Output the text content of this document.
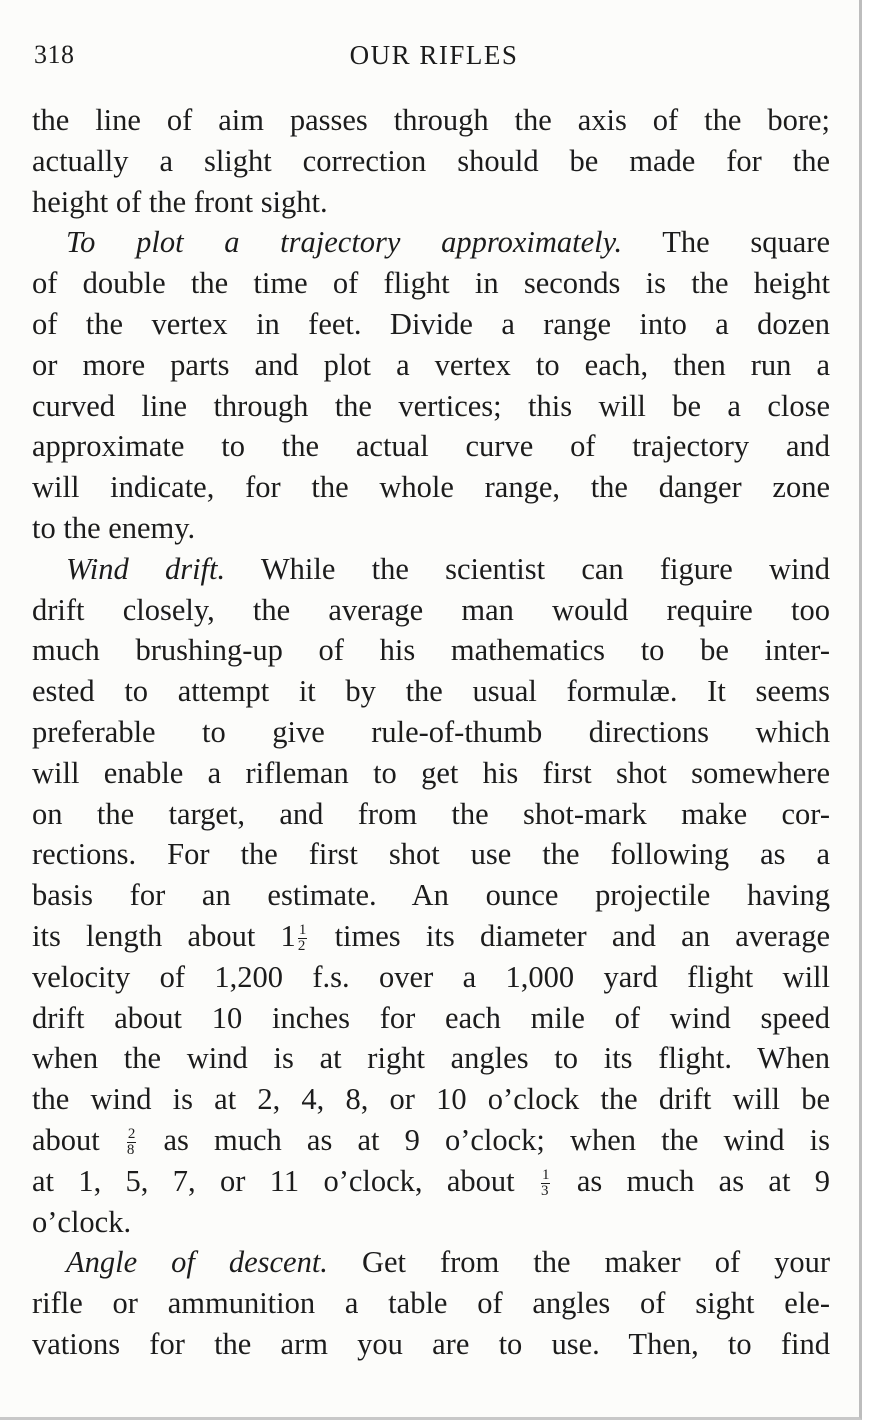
318	OUR RIFLES
the line of aim passes through the axis of the bore;
actually a slight correction should be made for the
height of the front sight.
To plot a trajectory approximately. The square
of double the time of flight in seconds is the height
of the vertex in feet. Divide a range into a dozen
or more parts and plot a vertex to each, then run a
curved line through the vertices; this will be a close
approximate to the actual curve of trajectory and
will indicate, for the whole range, the danger zone
to the enemy.
Wind drift. While the scientist can figure wind
drift closely, the average man would require too
much brushing-up of his mathematics to be inter-
ested to attempt it by the usual formulæ. It seems
preferable to give rule-of-thumb directions which
will enable a rifleman to get his first shot somewhere
on the target, and from the shot-mark make cor-
rections. For the first shot use the following as a
basis for an estimate. An ounce projectile having
its length about $1 \frac{1}{2}$ times its diameter and an average
velocity of 1,200 f.s. over a 1,000 yard flight will
drift about 10 inches for each mile of wind speed
when the wind is at right angles to its flight. When
the wind is at 2, 4, 8, or 10 o’clock the drift will be
about $\frac{2}{8}$ as much as at 9 o’clock; when the wind is
at 1, 5, 7, or 11 o’clock, about $\frac{1}{3}$ as much as at 9
o’clock.
Angle of descent. Get from the maker of your
rifle or ammunition a table of angles of sight ele-
vations for the arm you are to use. Then, to find
